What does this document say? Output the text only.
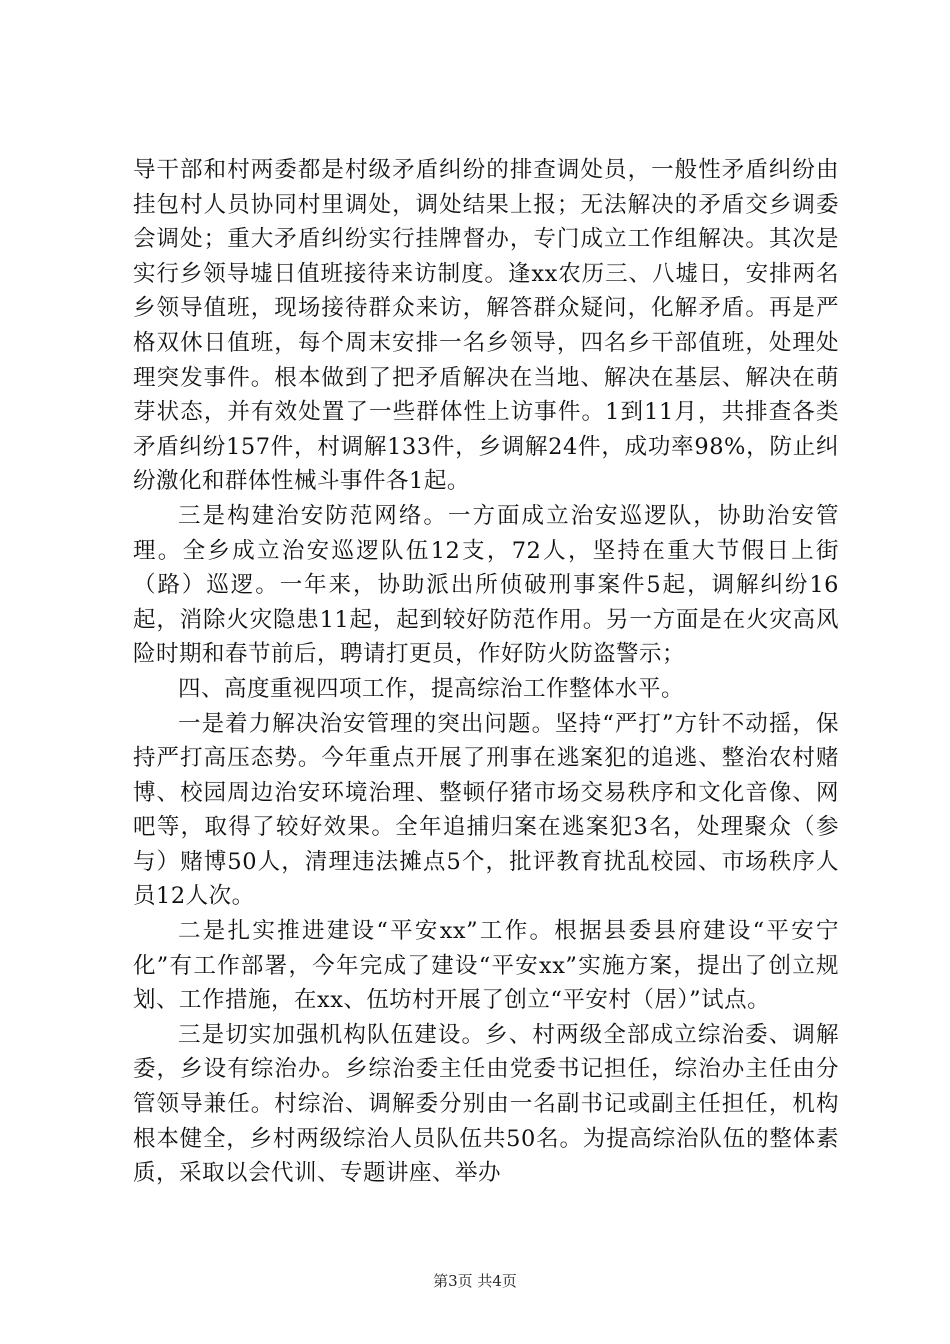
导干部和村两委都是村级矛盾纠纷的排查调处员，一般性矛盾纠纷由挂包村人员协同村里调处，调处结果上报；无法解决的矛盾交乡调委会调处；重大矛盾纠纷实行挂牌督办，专门成立工作组解决。其次是实行乡领导墟日值班接待来访制度。逢xx农历三、八墟日，安排两名乡领导值班，现场接待群众来访，解答群众疑问，化解矛盾。再是严格双休日值班，每个周末安排一名乡领导，四名乡干部值班，处理处理突发事件。根本做到了把矛盾解决在当地、解决在基层、解决在萌芽状态，并有效处置了一些群体性上访事件。1到11月，共排查各类矛盾纠纷157件，村调解133件，乡调解24件，成功率98%，防止纠纷激化和群体性械斗事件各1起。

三是构建治安防范网络。一方面成立治安巡逻队，协助治安管理。全乡成立治安巡逻队伍12支，72人，坚持在重大节假日上街（路）巡逻。一年来，协助派出所侦破刑事案件5起，调解纠纷16起，消除火灾隐患11起，起到较好防范作用。另一方面是在火灾高风险时期和春节前后，聘请打更员，作好防火防盗警示；

四、高度重视四项工作，提高综治工作整体水平。

一是着力解决治安管理的突出问题。坚持“严打”方针不动摇，保持严打高压态势。今年重点开展了刑事在逃案犯的追逃、整治农村赌博、校园周边治安环境治理、整顿仔猪市场交易秩序和文化音像、网吧等，取得了较好效果。全年追捕归案在逃案犯3名，处理聚众（参与）赌博50人，清理违法摊点5个，批评教育扰乱校园、市场秩序人员12人次。

二是扎实推进建设“平安xx”工作。根据县委县府建设“平安宁化”有工作部署，今年完成了建设“平安xx”实施方案，提出了创立规划、工作措施，在xx、伍坊村开展了创立“平安村（居）”试点。

三是切实加强机构队伍建设。乡、村两级全部成立综治委、调解委，乡设有综治办。乡综治委主任由党委书记担任，综治办主任由分管领导兼任。村综治、调解委分别由一名副书记或副主任担任，机构根本健全，乡村两级综治人员队伍共50名。为提高综治队伍的整体素质，采取以会代训、专题讲座、举办

第3页 共4页
